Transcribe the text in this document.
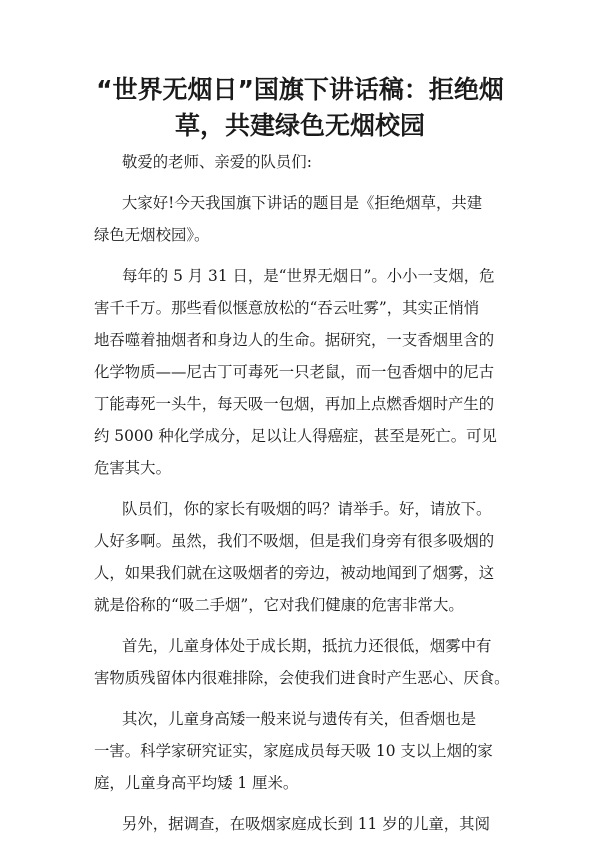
“世界无烟日”国旗下讲话稿：拒绝烟
草，共建绿色无烟校园

敬爱的老师、亲爱的队员们:

大家好!今天我国旗下讲话的题目是《拒绝烟草，共建
绿色无烟校园》。

每年的 5 月 31 日，是“世界无烟日”。小小一支烟，危
害千千万。那些看似惬意放松的“吞云吐雾”，其实正悄悄
地吞噬着抽烟者和身边人的生命。据研究，一支香烟里含的
化学物质——尼古丁可毒死一只老鼠，而一包香烟中的尼古
丁能毒死一头牛，每天吸一包烟，再加上点燃香烟时产生的
约 5000 种化学成分，足以让人得癌症，甚至是死亡。可见
危害其大。

队员们，你的家长有吸烟的吗？请举手。好，请放下。
人好多啊。虽然，我们不吸烟，但是我们身旁有很多吸烟的
人，如果我们就在这吸烟者的旁边，被动地闻到了烟雾，这
就是俗称的“吸二手烟”，它对我们健康的危害非常大。

首先，儿童身体处于成长期，抵抗力还很低，烟雾中有
害物质残留体内很难排除，会使我们进食时产生恶心、厌食。

其次，儿童身高矮一般来说与遗传有关，但香烟也是
一害。科学家研究证实，家庭成员每天吸 10 支以上烟的家
庭，儿童身高平均矮 1 厘米。

另外，据调查，在吸烟家庭成长到 11 岁的儿童，其阅
